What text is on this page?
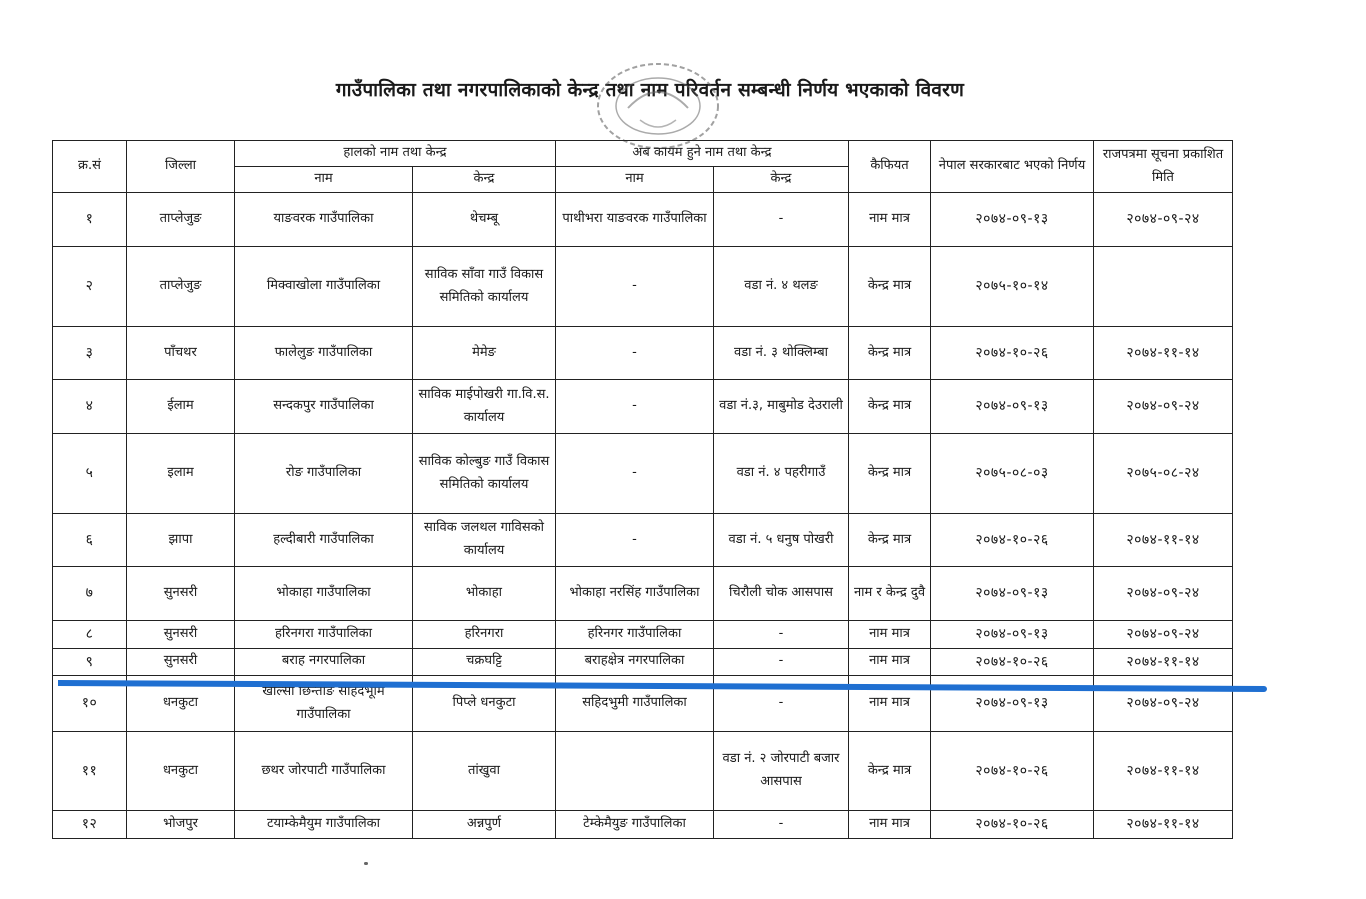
गाउँपालिका तथा नगरपालिकाको केन्द्र तथा नाम परिवर्तन सम्बन्धी निर्णय भएकाको विवरण
क्र.सं	जिल्ला	हालको नाम तथा केन्द्र		अब कायम हुने नाम तथा केन्द्र		कैफियत	नेपाल सरकारबाट भएको निर्णय	राजपत्रमा सूचना प्रकाशित मिति
		नाम	केन्द्र	नाम	केन्द्र			
१	ताप्लेजुङ	याङवरक गाउँपालिका	थेचम्बू	पाथीभरा याङवरक गाउँपालिका	-	नाम मात्र	२०७४-०९-१३	२०७४-०९-२४
२	ताप्लेजुङ	मिक्वाखोला गाउँपालिका	साविक साँवा गाउँ विकास समितिको कार्यालय	-	वडा नं. ४ थलङ	केन्द्र मात्र	२०७५-१०-१४	
३	पाँचथर	फालेलुङ गाउँपालिका	मेमेङ	-	वडा नं. ३ थोक्लिम्बा	केन्द्र मात्र	२०७४-१०-२६	२०७४-११-१४
४	ईलाम	सन्दकपुर गाउँपालिका	साविक माईपोखरी गा.वि.स. कार्यालय	-	वडा नं.३, माबुमोड देउराली	केन्द्र मात्र	२०७४-०९-१३	२०७४-०९-२४
५	इलाम	रोङ गाउँपालिका	साविक कोल्बुङ गाउँ विकास समितिको कार्यालय	-	वडा नं. ४ पहरीगाउँ	केन्द्र मात्र	२०७५-०८-०३	२०७५-०८-२४
६	झापा	हल्दीबारी गाउँपालिका	साविक जलथल गाविसको कार्यालय	-	वडा नं. ५ धनुष पोखरी	केन्द्र मात्र	२०७४-१०-२६	२०७४-११-१४
७	सुनसरी	भोकाहा गाउँपालिका	भोकाहा	भोकाहा नरसिंह गाउँपालिका	चिरौली चोक आसपास	नाम र केन्द्र दुवै	२०७४-०९-१३	२०७४-०९-२४
८	सुनसरी	हरिनगरा गाउँपालिका	हरिनगरा	हरिनगर गाउँपालिका	-	नाम मात्र	२०७४-०९-१३	२०७४-०९-२४
९	सुनसरी	बराह नगरपालिका	चक्रघट्टि	बराहक्षेत्र नगरपालिका	-	नाम मात्र	२०७४-१०-२६	२०७४-११-१४
१०	धनकुटा	खाल्सा छिन्ताङ सहिदभूमि गाउँपालिका	पिप्ले धनकुटा	सहिदभुमी गाउँपालिका	-	नाम मात्र	२०७४-०९-१३	२०७४-०९-२४
११	धनकुटा	छथर जोरपाटी गाउँपालिका	तांखुवा		वडा नं. २ जोरपाटी बजार आसपास	केन्द्र मात्र	२०७४-१०-२६	२०७४-११-१४
१२	भोजपुर	टयाम्केमैयुम गाउँपालिका	अन्नपुर्ण	टेम्केमैयुङ गाउँपालिका	-	नाम मात्र	२०७४-१०-२६	२०७४-११-१४
